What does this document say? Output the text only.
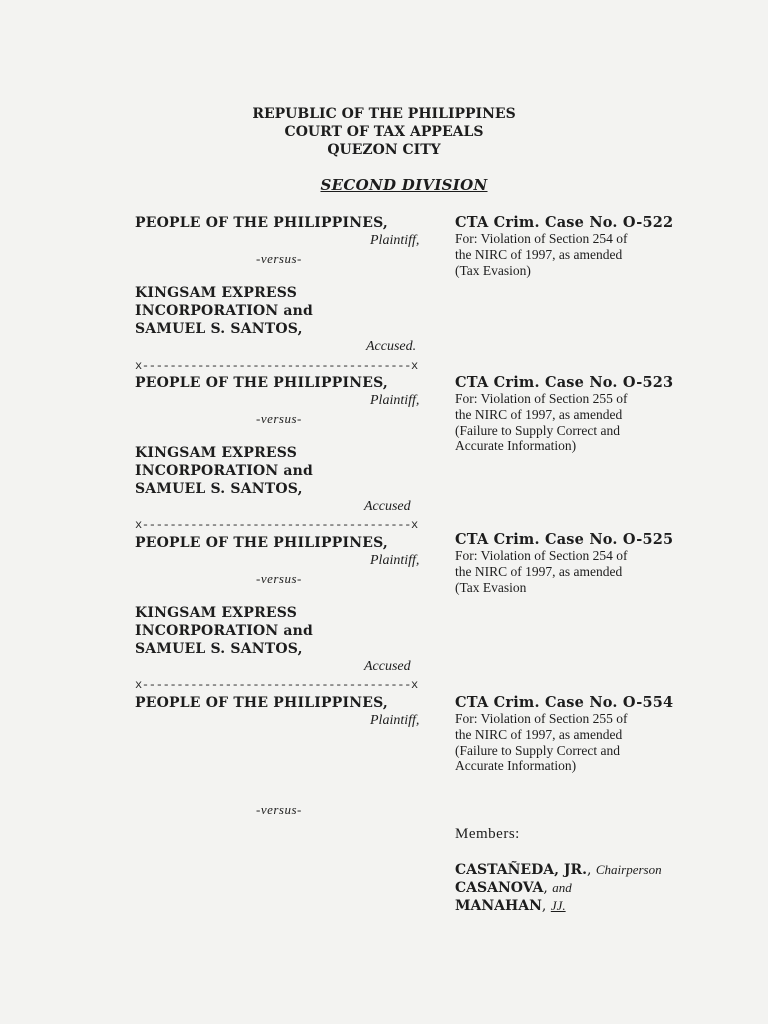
REPUBLIC OF THE PHILIPPINES
COURT OF TAX APPEALS
QUEZON CITY
SECOND DIVISION
PEOPLE OF THE PHILIPPINES,
Plaintiff,
-versus-
KINGSAM EXPRESS
INCORPORATION and
SAMUEL S. SANTOS,
Accused.
x---------------------------------------x
CTA Crim. Case No. O-522
For: Violation of Section 254 of
the NIRC of 1997, as amended
(Tax Evasion)
PEOPLE OF THE PHILIPPINES,
Plaintiff,
-versus-
KINGSAM EXPRESS
INCORPORATION and
SAMUEL S. SANTOS,
Accused
x---------------------------------------x
CTA Crim. Case No. O-523
For: Violation of Section 255 of
the NIRC of 1997, as amended
(Failure to Supply Correct and
Accurate Information)
PEOPLE OF THE PHILIPPINES,
Plaintiff,
-versus-
KINGSAM EXPRESS
INCORPORATION and
SAMUEL S. SANTOS,
Accused
x---------------------------------------x
CTA Crim. Case No. O-525
For: Violation of Section 254 of
the NIRC of 1997, as amended
(Tax Evasion
PEOPLE OF THE PHILIPPINES,
Plaintiff,
-versus-
CTA Crim. Case No. O-554
For: Violation of Section 255 of
the NIRC of 1997, as amended
(Failure to Supply Correct and
Accurate Information)
Members:
CASTAÑEDA, JR., Chairperson
CASANOVA, and
MANAHAN, JJ.
